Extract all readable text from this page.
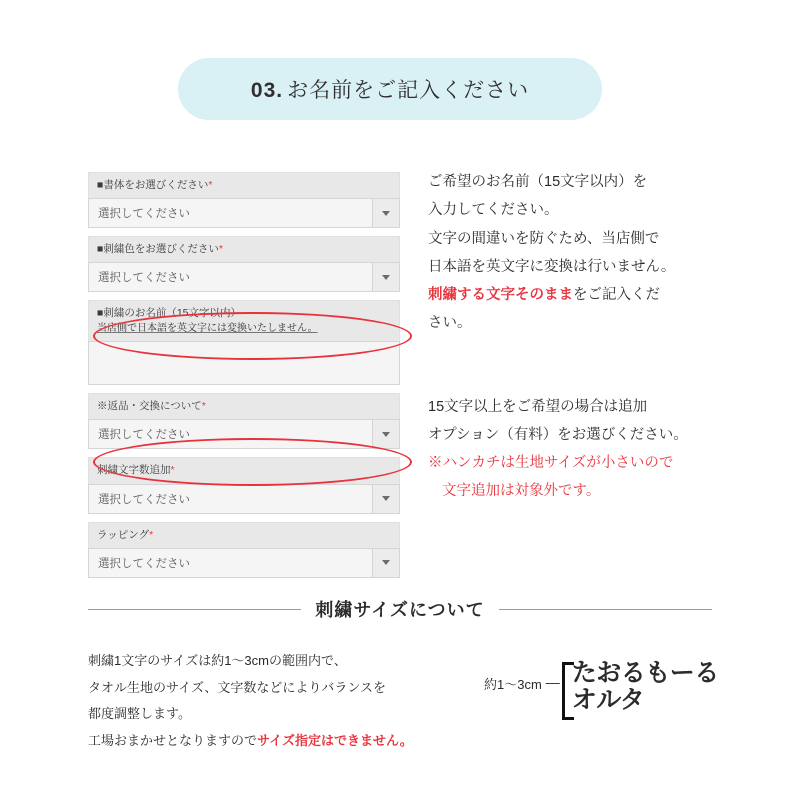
03. お名前をご記入ください
■書体をお選びください*
選択してください
■刺繍色をお選びください*
選択してください
■刺繍のお名前（15文字以内）
当店側で日本語を英文字には変換いたしません。
※返品・交換について*
選択してください
刺繍文字数追加*
選択してください
ラッピング*
選択してください

ご希望のお名前（15文字以内）を

入力してください。

文字の間違いを防ぐため、当店側で

日本語を英文字に変換は行いません。

刺繍する文字そのままをご記入くだ

さい。

15文字以上をご希望の場合は追加

オプション（有料）をお選びください。

※ハンカチは生地サイズが小さいので

文字追加は対象外です。

刺繍サイズについて

刺繍1文字のサイズは約1〜3cmの範囲内で、

タオル生地のサイズ、文字数などによりバランスを

都度調整します。

工場おまかせとなりますのでサイズ指定はできません。

約1〜3cm — たおるもーる
オルタ
